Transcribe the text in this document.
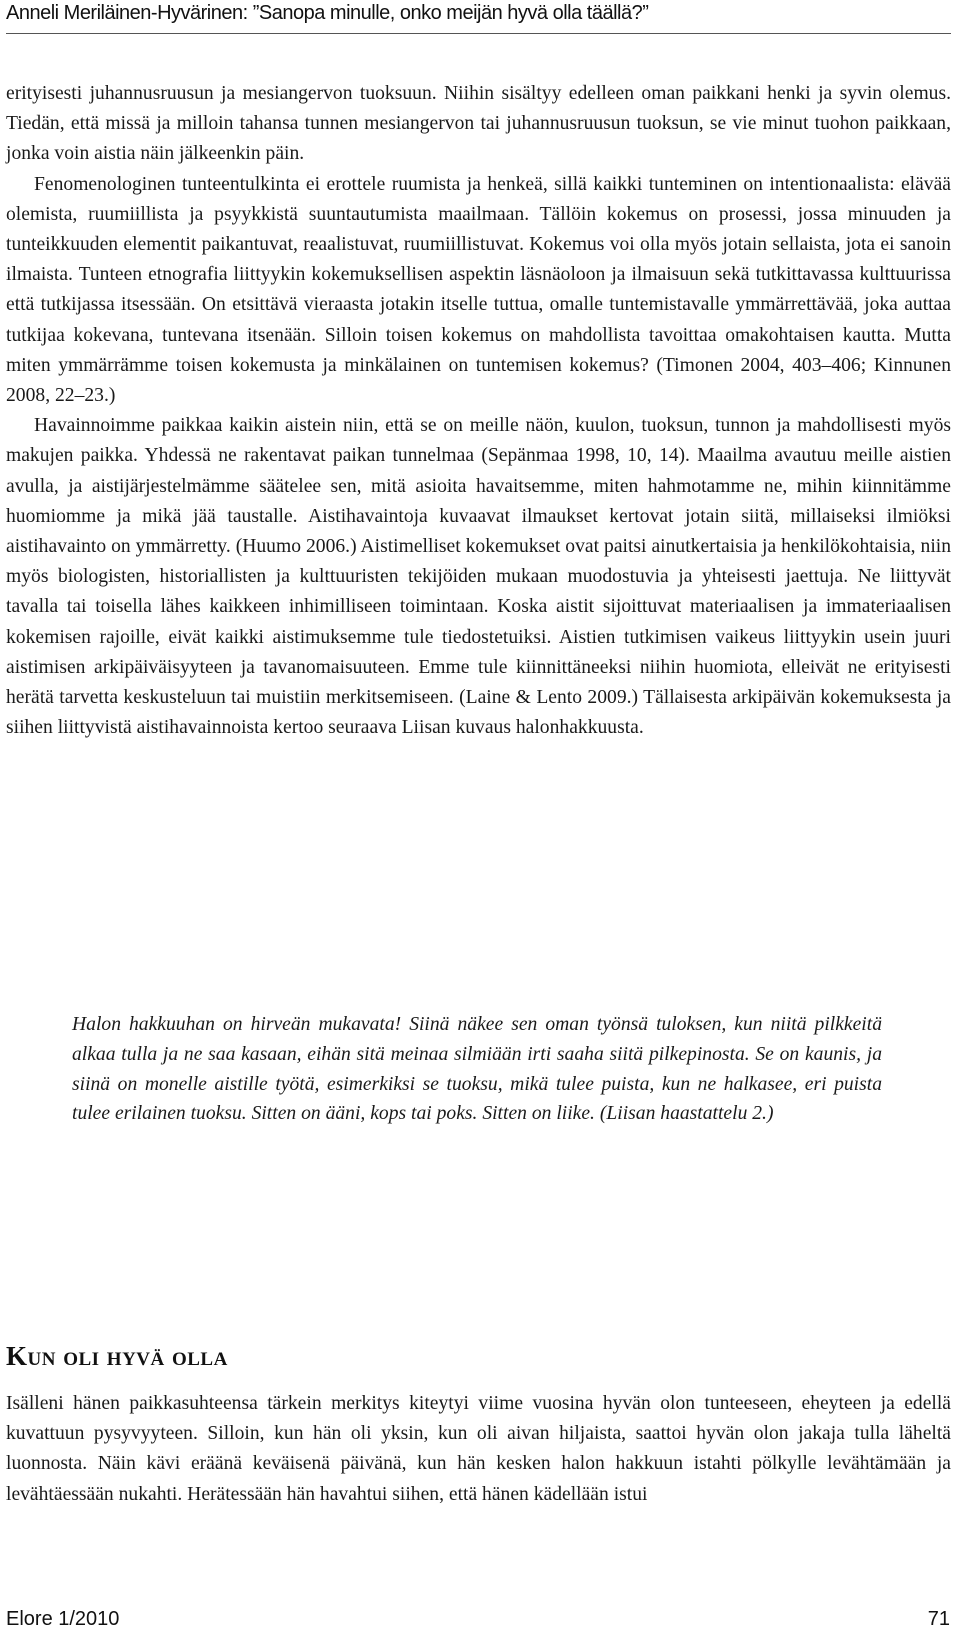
Anneli Meriläinen-Hyvärinen: ”Sanopa minulle, onko meijän hyvä olla täällä?”

erityisesti juhannusruusun ja mesiangervon tuoksuun. Niihin sisältyy edelleen oman paikkani henki ja syvin olemus. Tiedän, että missä ja milloin tahansa tunnen mesiangervon tai juhannusruusun tuoksun, se vie minut tuohon paikkaan, jonka voin aistia näin jälkeenkin päin.

Fenomenologinen tunteentulkinta ei erottele ruumista ja henkeä, sillä kaikki tunteminen on intentionaalista: elävää olemista, ruumiillista ja psyykkistä suuntautumista maailmaan. Tällöin kokemus on prosessi, jossa minuuden ja tunteikkuuden elementit paikantuvat, reaalistuvat, ruumiillistuvat. Kokemus voi olla myös jotain sellaista, jota ei sanoin ilmaista. Tunteen etnografia liittyykin kokemuksellisen aspektin läsnäoloon ja ilmaisuun sekä tutkittavassa kulttuurissa että tutkijassa itsessään. On etsittävä vieraasta jotakin itselle tuttua, omalle tuntemistavalle ymmärrettävää, joka auttaa tutkijaa kokevana, tuntevana itsenään. Silloin toisen kokemus on mahdollista tavoittaa omakohtaisen kautta. Mutta miten ymmärrämme toisen kokemusta ja minkälainen on tuntemisen kokemus? (Timonen 2004, 403–406; Kinnunen 2008, 22–23.)

Havainnoimme paikkaa kaikin aistein niin, että se on meille näön, kuulon, tuoksun, tunnon ja mahdollisesti myös makujen paikka. Yhdessä ne rakentavat paikan tunnelmaa (Sepänmaa 1998, 10, 14). Maailma avautuu meille aistien avulla, ja aistijärjestelmämme säätelee sen, mitä asioita havaitsemme, miten hahmotamme ne, mihin kiinnitämme huomiomme ja mikä jää taustalle. Aistihavaintoja kuvaavat ilmaukset kertovat jotain siitä, millaiseksi ilmiöksi aistihavainto on ymmärretty. (Huumo 2006.) Aistimelliset kokemukset ovat paitsi ainutkertaisia ja henkilökohtaisia, niin myös biologisten, historiallisten ja kulttuuristen tekijöiden mukaan muodostuvia ja yhteisesti jaettuja. Ne liittyvät tavalla tai toisella lähes kaikkeen inhimilliseen toimintaan. Koska aistit sijoittuvat materiaalisen ja immateriaalisen kokemisen rajoille, eivät kaikki aistimuksemme tule tiedostetuiksi. Aistien tutkimisen vaikeus liittyykin usein juuri aistimisen arkipäiväisyyteen ja tavanomaisuuteen. Emme tule kiinnittäneeksi niihin huomiota, elleivät ne erityisesti herätä tarvetta keskusteluun tai muistiin merkitsemiseen. (Laine & Lento 2009.) Tällaisesta arkipäivän kokemuksesta ja siihen liittyvistä aistihavainnoista kertoo seuraava Liisan kuvaus halonhakkuusta.

Halon hakkuuhan on hirveän mukavata! Siinä näkee sen oman työnsä tuloksen, kun niitä pilkkeitä alkaa tulla ja ne saa kasaan, eihän sitä meinaa silmiään irti saaha siitä pilkepinosta. Se on kaunis, ja siinä on monelle aistille työtä, esimerkiksi se tuoksu, mikä tulee puista, kun ne halkasee, eri puista tulee erilainen tuoksu. Sitten on ääni, kops tai poks. Sitten on liike. (Liisan haastattelu 2.)

Kun oli hyvä olla

Isälleni hänen paikkasuhteensa tärkein merkitys kiteytyi viime vuosina hyvän olon tunteeseen, eheyteen ja edellä kuvattuun pysyvyyteen. Silloin, kun hän oli yksin, kun oli aivan hiljaista, saattoi hyvän olon jakaja tulla läheltä luonnosta. Näin kävi eräänä keväisenä päivänä, kun hän kesken halon hakkuun istahti pölkylle levähtämään ja levähtäessään nukahti. Herätessään hän havahtui siihen, että hänen kädellään istui

Elore 1/2010	71
